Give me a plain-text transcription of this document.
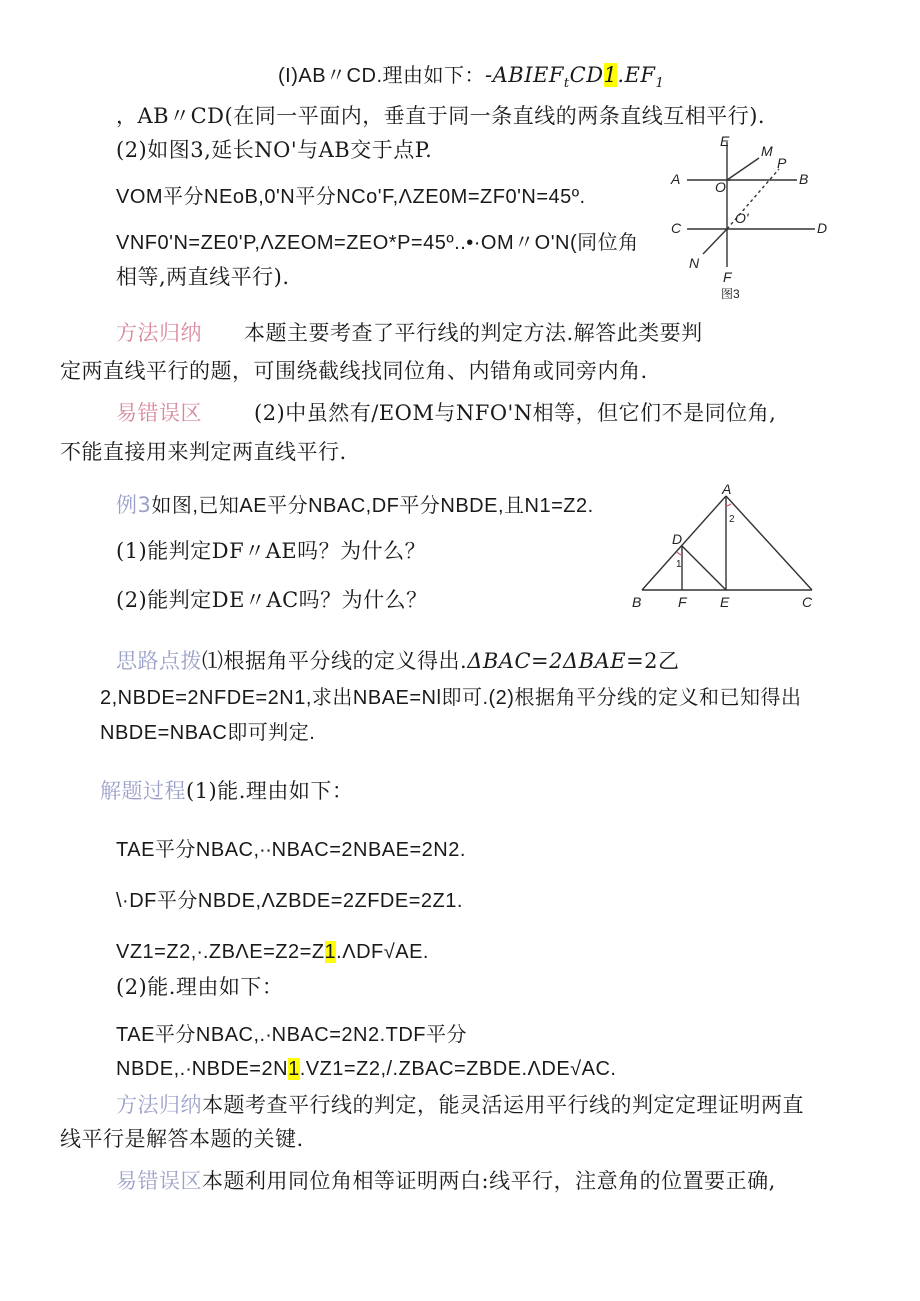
(I)AB〃CD.理由如下：$-ABIEF_tCD1.EF_1$
，AB〃CD(在同一平面内，垂直于同一条直线的两条直线互相平行).
(2)如图3,延长NO'与AB交于点P.
VOM平分NEoB,0'N平分NCo'F,ΛZE0M=ZF0'N=45º.
VNF0'N=ZE0'P,ΛZEOM=ZEO*P=45º..•·OM〃O'N(同位角
相等,两直线平行).
E
M
P
A O	B
C
O'
D
N
F
图3
方法归纳 本题主要考查了平行线的判定方法.解答此类要判
定两直线平行的题，可围绕截线找同位角、内错角或同旁内角.
易错误区 (2)中虽然有/EOM与NFO'N相等，但它们不是同位角,
不能直接用来判定两直线平行.
例3如图,已知AE平分NBAC,DF平分NBDE,且N1=Z2.
(1)能判定DF〃AE吗？为什么？
(2)能判定DE〃AC吗？为什么？
A
D
B	F E	C
1
2
思路点拨⑴根据角平分线的定义得出.ΔBAC=2ΔBAE=2乙
2,NBDE=2NFDE=2N1,求出NBAE=Nl即可.(2)根据角平分线的定义和已知得出
NBDE=NBAC即可判定.
解题过程(1)能.理由如下：
TAE平分NBAC,∙∙NBAC=2NBAE=2N2.
\·DF平分NBDE,ΛZBDE=2ZFDE=2Z1.
VZ1=Z2,∙.ZBΛE=Z2=Z1.ΛDF√AE.
(2)能.理由如下：
TAE平分NBAC,.∙NBAC=2N2.TDF平分
NBDE,.∙NBDE=2N1.VZ1=Z2,/.ZBAC=ZBDE.ΛDE√AC.
方法归纳本题考查平行线的判定，能灵活运用平行线的判定定理证明两直
线平行是解答本题的关键.
易错误区本题利用同位角相等证明两白:线平行，注意角的位置要正确,
